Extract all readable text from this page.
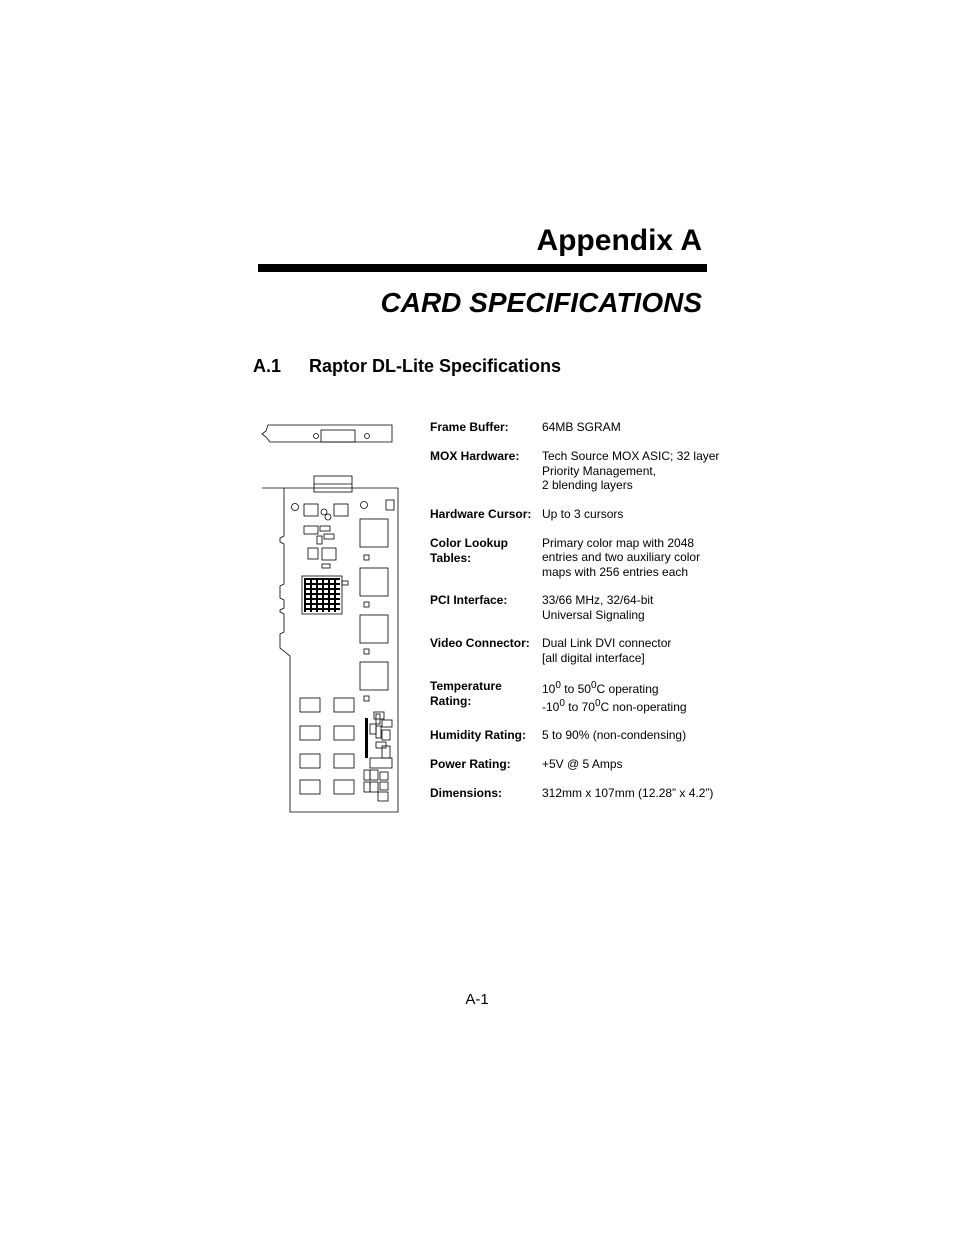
Appendix A
CARD SPECIFICATIONS
A.1 Raptor DL-Lite Specifications
Frame Buffer:	64MB SGRAM
MOX Hardware:	Tech Source MOX ASIC; 32 layer
Priority Management,
2 blending layers
Hardware Cursor: Up to 3 cursors
Color Lookup Tables:
Primary color map with 2048
entries and two auxiliary color
maps with 256 entries each
PCI Interface:	33/66 MHz, 32/64-bit
Universal Signaling
Video Connector:	Dual Link DVI connector
[all digital interface]
Temperature Rating:
$10^0$ to $50^0C$ operating
$-10^0$ to $70^0C$ non-operating
Humidity Rating:	5 to 90% (non-condensing)
Power Rating:	+5V @ 5 Amps
Dimensions:	312mm x 107mm (12.28” x 4.2”)
A-1
